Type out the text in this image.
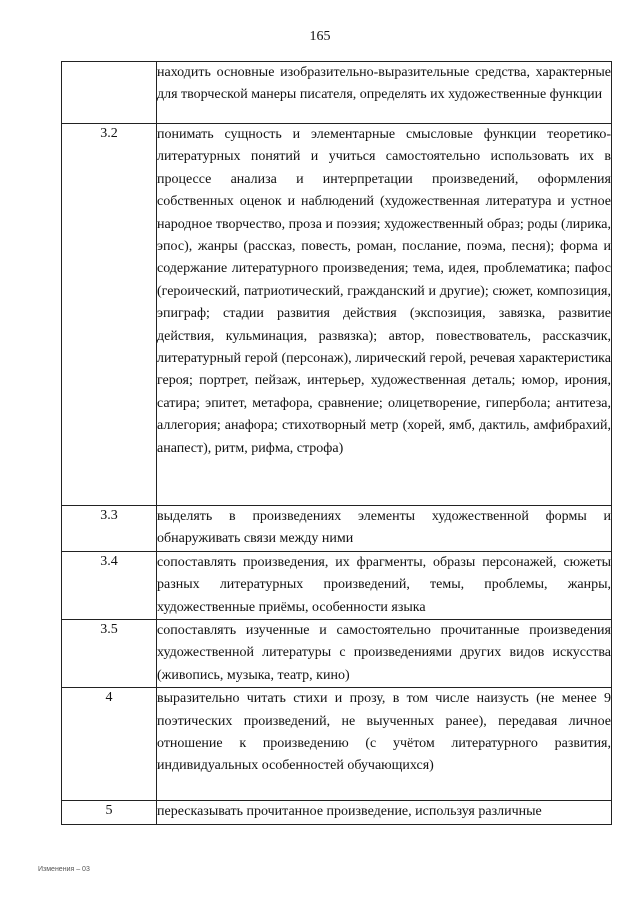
165
	находить основные изобразительно-выразительные средства, характерные для творческой манеры писателя, определять их художественные функции
3.2	понимать сущность и элементарные смысловые функции теоретико-литературных понятий и учиться самостоятельно использовать их в процессе анализа и интерпретации произведений, оформления собственных оценок и наблюдений (художественная литература и устное народное творчество, проза и поэзия; художественный образ; роды (лирика, эпос), жанры (рассказ, повесть, роман, послание, поэма, песня); форма и содержание литературного произведения; тема, идея, проблематика; пафос (героический, патриотический, гражданский и другие); сюжет, композиция, эпиграф; стадии развития действия (экспозиция, завязка, развитие действия, кульминация, развязка); автор, повествователь, рассказчик, литературный герой (персонаж), лирический герой, речевая характеристика героя; портрет, пейзаж, интерьер, художественная деталь; юмор, ирония, сатира; эпитет, метафора, сравнение; олицетворение, гипербола; антитеза, аллегория; анафора; стихотворный метр (хорей, ямб, дактиль, амфибрахий, анапест), ритм, рифма, строфа)
3.3	выделять в произведениях элементы художественной формы и обнаруживать связи между ними
3.4	сопоставлять произведения, их фрагменты, образы персонажей, сюжеты разных литературных произведений, темы, проблемы, жанры, художественные приёмы, особенности языка
3.5	сопоставлять изученные и самостоятельно прочитанные произведения художественной литературы с произведениями других видов искусства (живопись, музыка, театр, кино)
4	выразительно читать стихи и прозу, в том числе наизусть (не менее 9 поэтических произведений, не выученных ранее), передавая личное отношение к произведению (с учётом литературного развития, индивидуальных особенностей обучающихся)
5	пересказывать прочитанное произведение, используя различные
Изменения – 03
